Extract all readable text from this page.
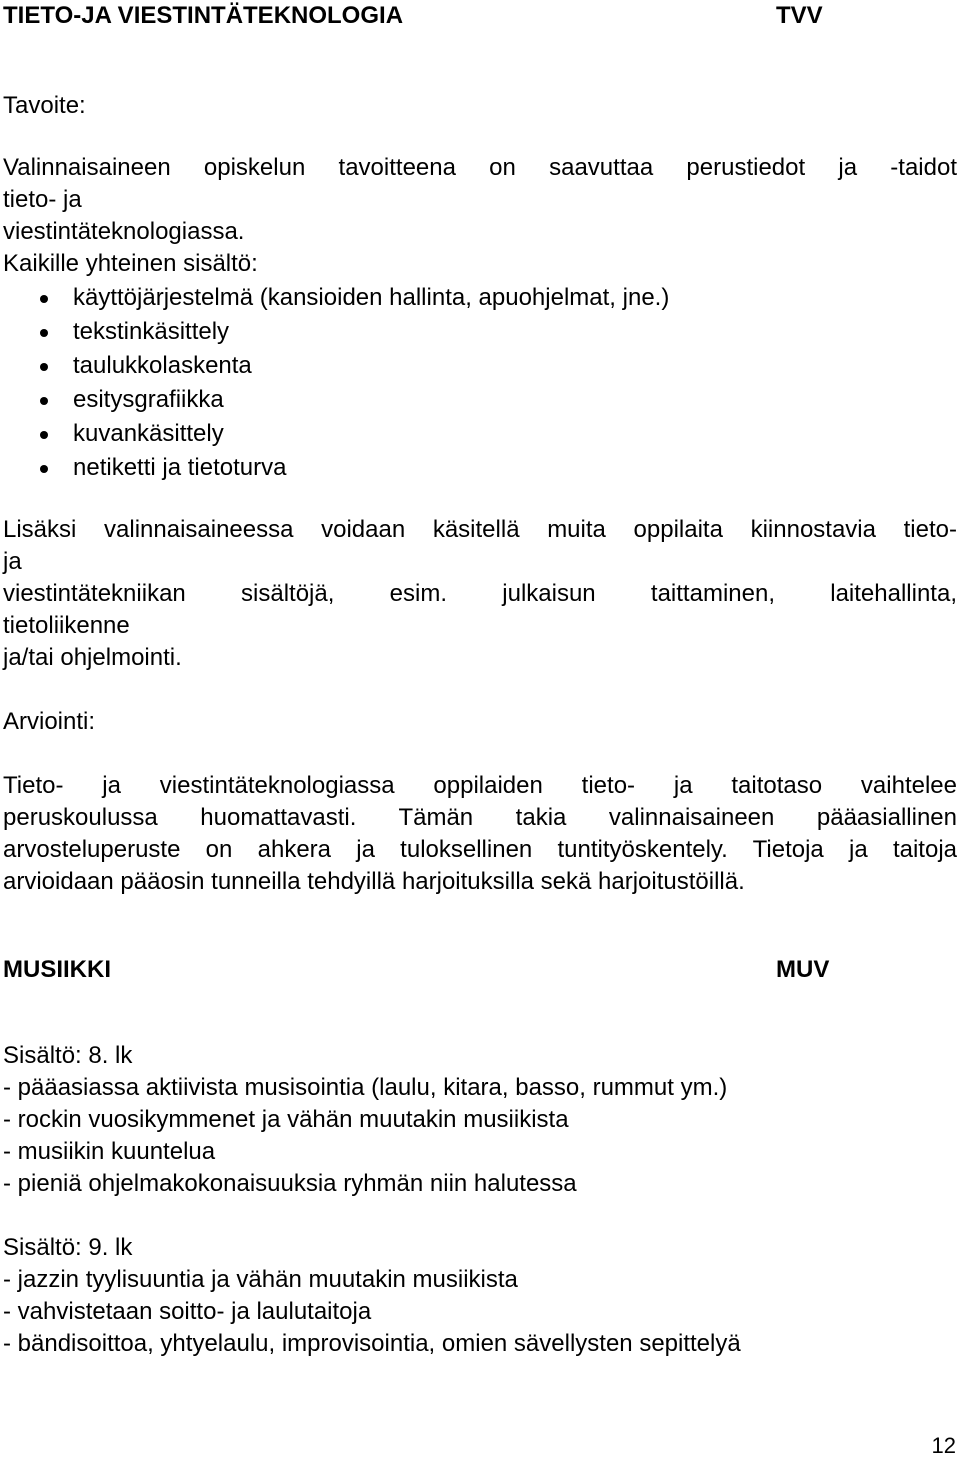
TIETO-JA VIESTINTÄTEKNOLOGIA	TVV
Tavoite:
Valinnaisaineen opiskelun tavoitteena on saavuttaa perustiedot ja -taidot
tieto- ja
viestintäteknologiassa.
Kaikille yhteinen sisältö:
käyttöjärjestelmä (kansioiden hallinta, apuohjelmat, jne.)
tekstinkäsittely
taulukkolaskenta
esitysgrafiikka
kuvankäsittely
netiketti ja tietoturva
Lisäksi valinnaisaineessa voidaan käsitellä muita oppilaita kiinnostavia tieto-
ja
viestintätekniikan sisältöjä, esim. julkaisun taittaminen, laitehallinta,
tietoliikenne
ja/tai ohjelmointi.
Arviointi:
Tieto- ja viestintäteknologiassa oppilaiden tieto- ja taitotaso vaihtelee
peruskoulussa huomattavasti. Tämän takia valinnaisaineen pääasiallinen
arvosteluperuste on ahkera ja tuloksellinen tuntityöskentely. Tietoja ja taitoja
arvioidaan pääosin tunneilla tehdyillä harjoituksilla sekä harjoitustöillä.
MUSIIKKI	MUV
Sisältö: 8. lk
- pääasiassa aktiivista musisointia (laulu, kitara, basso, rummut ym.)
- rockin vuosikymmenet ja vähän muutakin musiikista
- musiikin kuuntelua
- pieniä ohjelmakokonaisuuksia ryhmän niin halutessa
Sisältö: 9. lk
- jazzin tyylisuuntia ja vähän muutakin musiikista
- vahvistetaan soitto- ja laulutaitoja
- bändisoittoa, yhtyelaulu, improvisointia, omien sävellysten sepittelyä
12
